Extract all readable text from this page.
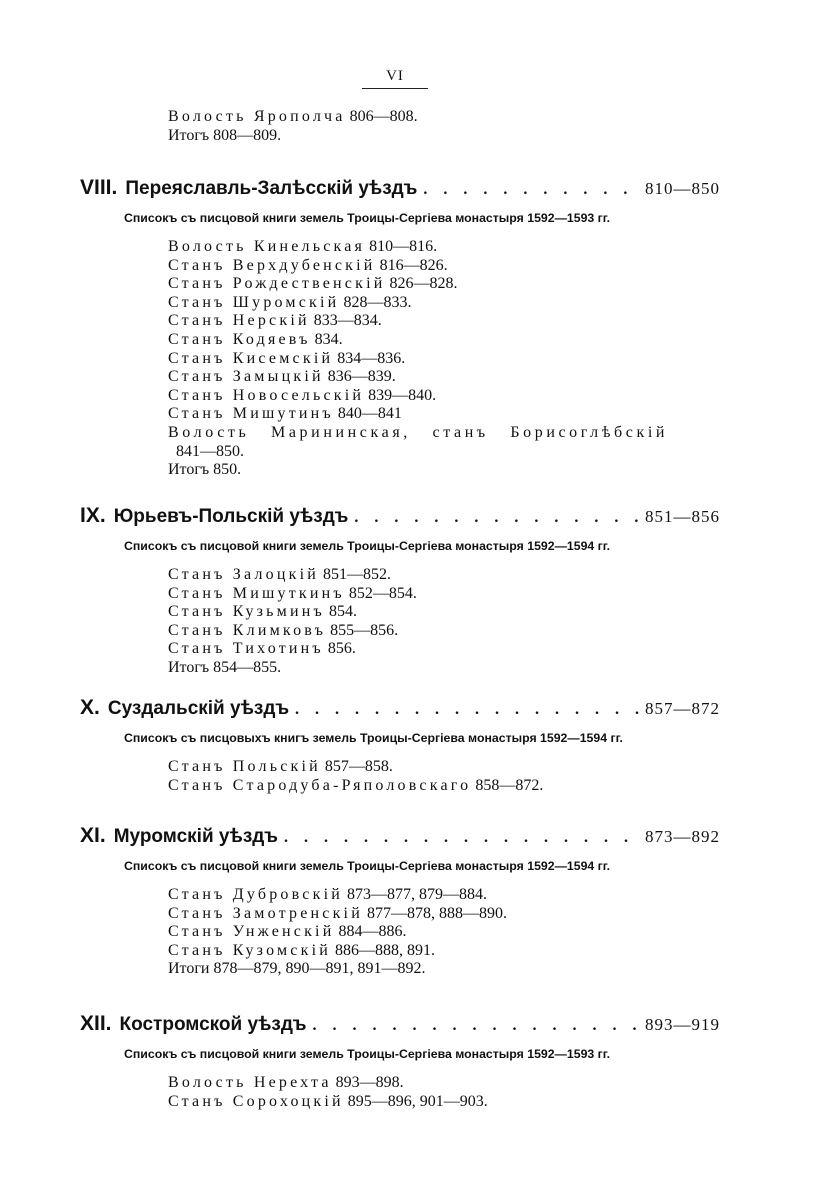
VI
Волость Ярополча 806—808.
Итогъ 808—809.
VIII. Переяславль-Залѣсскій уѣздъ . . .	810—850
Списокъ съ писцовой книги земель Троицы-Сергіева монастыря 1592—1593 гг.
Волость Кинельская 810—816.
Станъ Верхдубенскій 816—826.
Станъ Рождественскій 826—828.
Станъ Шуромскій 828—833.
Станъ Нерскій 833—834.
Станъ Кодяевъ 834.
Станъ Кисемскій 834—836.
Станъ Замыцкій 836—839.
Станъ Новосельскій 839—840.
Станъ Мишутинъ 840—841
Волость Марининская, станъ Борисоглѣбскій
841—850.
Итогъ 850.
IX. Юрьевъ-Польскій уѣздъ . . .	851—856
Списокъ съ писцовой книги земель Троицы-Сергіева монастыря 1592—1594 гг.
Станъ Залоцкій 851—852.
Станъ Мишуткинъ 852—854.
Станъ Кузьминъ 854.
Станъ Климковъ 855—856.
Станъ Тихотинъ 856.
Итогъ 854—855.
X. Суздальскій уѣздъ . . .	857—872
Списокъ съ писцовыхъ книгъ земель Троицы-Сергіева монастыря 1592—1594 гг.
Станъ Польскій 857—858.
Станъ Стародуба-Ряполовскаго 858—872.
XI. Муромскій уѣздъ . . .	873—892
Списокъ съ писцовой книги земель Троицы-Сергіева монастыря 1592—1594 гг.
Станъ Дубровскій 873—877, 879—884.
Станъ Замотренскій 877—878, 888—890.
Станъ Унженскій 884—886.
Станъ Кузомскій 886—888, 891.
Итоги 878—879, 890—891, 891—892.
XII. Костромской уѣздъ . . .	893—919
Списокъ съ писцовой книги земель Троицы-Сергіева монастыря 1592—1593 гг.
Волость Нерехта 893—898.
Станъ Сорохоцкій 895—896, 901—903.
